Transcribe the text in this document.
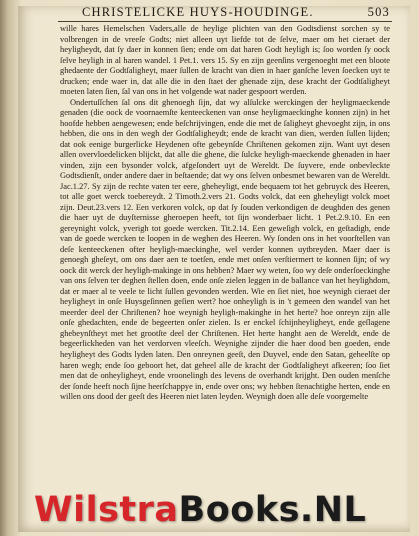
CHRISTELICKE HUYS-HOUDINGE.	503

wille hares Hemelschen Vaders,alle de heylige plichten van den Godtsdienst sorchen sy te volbrengen in de vreeſe Godts; niet alleen uyt liefde tot de ſelve, maer om het cieraet der heyligheydt, dat ſy daer in konnen ſien; ende om dat haren Godt heyligh is; ſoo worden ſy oock ſelve heyligh in al haren wandel. 1 Pet.1. vers 15. Sy en zijn geenſins vergenoeght met een bloote ghedaente der Godtſaligheyt, maer ſullen de kracht van dien in haer ganſche leven ſoecken uyt te drucken; ende waer in, dat alle die in den ſtaet der ghenade zijn, dese kracht der Godtſaligheyt moeten laten ſien, ſal van ons in het volgende wat nader gespoort werden.

Ondertuſſchen ſal ons dit ghenoegh ſijn, dat wy alſulcke werckingen der heyligmaeckende genaden (die oock de voornaemſte kenteeckenen van onse heyligmaeckinghe konnen zijn) in het hoofde hebben aengewesen; ende beſchrijvingen, ende die met de ſaligheyt ghevoeght zijn, in ons hebben, die ons in den wegh der Godtſaligheydt; ende de kracht van dien, werden ſullen lijden; dat ook eenige burgerlicke Heydenen ofte gebeynſde Chriſtenen gekomen zijn. Want uyt desen allen overvloedelicken blijckt, dat alle die ghene, die ſulcke heyligh-maeckende ghenaden in haer vinden, zijn een bysonder volck, afgeſondert uyt de Wereldt. De ſuyvere, ende onbevleckte Godtsdienſt, onder andere daer in beſtaende; dat wy ons ſelven onbesmet bewaren van de Wereldt. Jac.1.27. Sy zijn de rechte vaten ter eere, gheheyligt, ende bequaem tot het gebruyck des Heeren, tot alle goet werck toebereydt. 2 Timoth.2.vers 21. Godts volck, dat een gheheyligt volck moet zijn. Deut.23.vers 12. Een verkoren volck, op dat ſy ſouden verkondigen de deughden des genen die haer uyt de duyſternisse gheroepen heeft, tot ſijn wonderbaer licht. 1 Pet.2.9.10. En een gereynight volck, yverigh tot goede wercken. Tit.2.14. Een geweſigh volck, en geſtadigh, ende van de goede wercken te loopen in de weghen des Heeren. Wy ſonden ons in het voorſtellen van deſe kenteeckenen ofter heyligh-maeckinghe, wel verder konnen uytbreyden. Maer daer is genoegh gheſeyt, om ons daer aen te toetſen, ende met onſen verſtiermert te konnen ſijn; of wy oock dit werck der heyligh-makinge in ons hebben? Maer wy weten, ſoo wy deſe onderſoeckinghe van ons ſelven ter deghen ſtellen doen, ende onſe zielen leggen in de ballance van het heylighdom, dat er maer al te veele te licht ſullen gevonden werden. Wie en ſiet niet, hoe weynigh cieraet der heyligheyt in onſe Huysgeſinnen geſien wert? hoe onheyligh is in 't gemeen den wandel van het meerder deel der Chriſtenen? hoe weynigh heyligh-makinghe in het herte? hoe onreyn zijn alle onſe ghedachten, ende de begeerten onſer zielen. Is er enckel ſchijnheyligheyt, ende geſlagene ghebeynſtheyt met het grootſte deel der Chriſtenen. Het herte hanght aen de Wereldt, ende de begeerlickheden van het verdorven vleeſch. Weynighe zijnder die haer dood ben goeden, ende heyligheyt des Godts lyden laten. Den onreynen geeſt, den Duyvel, ende den Satan, geheelſte op haren wegh; ende ſoo geboort het, dat geheel alle de kracht der Godtſaligheyt afkeeren; ſoo ſiet men dat de onheyligheyt, ende vroonelingh des levens de overhandt krijght. Den ouden menſche der ſonde heeft noch ſijne heerſchappye in, ende over ons; wy hebben ſtenachtighe herten, ende en willen ons dood der geeſt des Heeren niet laten leyden. Weynigh doen alle deſe voorgemelte

WilstraBooks.NL
